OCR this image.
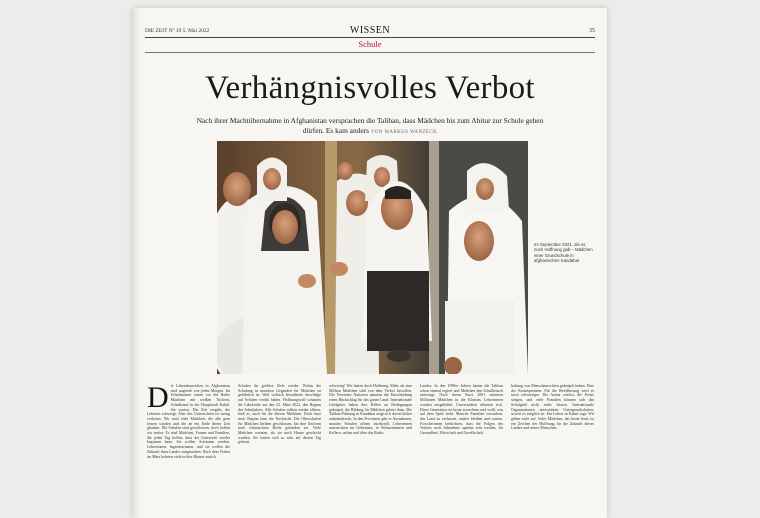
DIE ZEIT Nº 19 5. Mai 2022	WISSEN	35
Schule
Verhängnisvolles Verbot
Nach ihrer Machtübernahme in Afghanistan versprachen die Taliban, dass Mädchen bis zum Abitur zur Schule gehen dürfen. Es kam anders VON MARKUS WANZECK
Im September 2021, als es noch Hoffnung gab – Mädchen einer Grundschule in afghanischen Kandahar
D ie Lebenshunrichen in Afghanistan sind ungeteilt wie jeden Morgen. Im Schulzimmer sitzen vor der Reihe Mädchen mit weißen Tüchern, Schulbrand in der Hauptstadt Kabul. Sie warten. Die Zeit vergeht, die Lehrerin schweigt. Aber das Unterrichten ist streng verboten. Wir sind viele Mädchen, die alle gern lernen würden und die an ein Ende dieser Zeit glauben. Die Schulen sind geschlossen, doch hoffen wir weiter. Es sind Mädchen, Frauen und Familien, die jeden Tag hoffen, dass der Unterricht wieder beginnen kann. Sie wollen Ärztinnen werden, Lehrerinnen, Ingenieurinnen, und sie wollen die Zukunft ihres Landes mitgestalten. Nach dem Verbot im März kehrten viele in ihre Häuser zurück.
Schulen für größere Ziele wieder. Wohin die Schulung in manchen Gegenden für Mädchen zu gefährlich ist. Weil vielfach bewaffnete Anschläge auf Schulen verübt haben. Hoffnungsvoll schauten die Lehrkräfte auf den 23. März 2022, den Beginn des Schuljahres. Alle Schulen sollten wieder öffnen, hieß es, auch für die älteren Mädchen. Doch kurz nach Beginn kam die Nachricht: Die Oberschulen für Mädchen bleiben geschlossen, bis eine Uniform nach islamischem Recht gefunden sei. Viele Mädchen weinten, als sie nach Hause geschickt wurden. Sie hatten sich so sehr auf diesen Tag gefreut.
schwierig! Wir hatten doch Hoffnung. Mehr als eine Million Mädchen sind von dem Verbot betroffen. Die Vereinten Nationen nannten die Entscheidung einen Rückschlag für das ganze Land. Internationale Geldgeber haben ihre Hilfen an Bedingungen geknüpft, die Bildung für Mädchen gehört dazu. Die Taliban-Führung in Kandahar zeigt sich davon bisher unbeeindruckt. In den Provinzen gibt es Ausnahmen, manche Schulen öffnen inoffiziell, Lehrerinnen unterrichten im Geheimen, in Wohnzimmern und Kellern, online und über das Radio.
Landes. In den 1990er Jahren hatten die Taliban schon einmal regiert und Mädchen den Schulbesuch untersagt. Nach ihrem Sturz 2001 strömten Millionen Mädchen in die Klassen, Lehrerinnen wurden ausgebildet, Universitäten öffneten sich. Diese Generation ist heute erwachsen und weiß, was auf dem Spiel steht. Manche Familien versuchen, das Land zu verlassen, andere bleiben und warten. Forscherinnen befürchten, dass die Folgen des Verbots noch Jahrzehnte spürbar sein werden, für Gesundheit, Wirtschaft und Gesellschaft.
haltung von Menschenrechten geknüpft haben. Eine der Konsequenzen: Für die Bevölkerung wird es noch schwieriger. Die Armut wächst, die Preise steigen, und viele Familien können sich das Schulgeld nicht mehr leisten. Internationale Organisationen unterstützen Untergrundschulen, soweit es möglich ist. Ein Lehrer in Kabul sagt: Wir geben nicht auf. Jedes Mädchen, das heute lernt, ist ein Zeichen der Hoffnung für die Zukunft dieses Landes und seiner Menschen.
